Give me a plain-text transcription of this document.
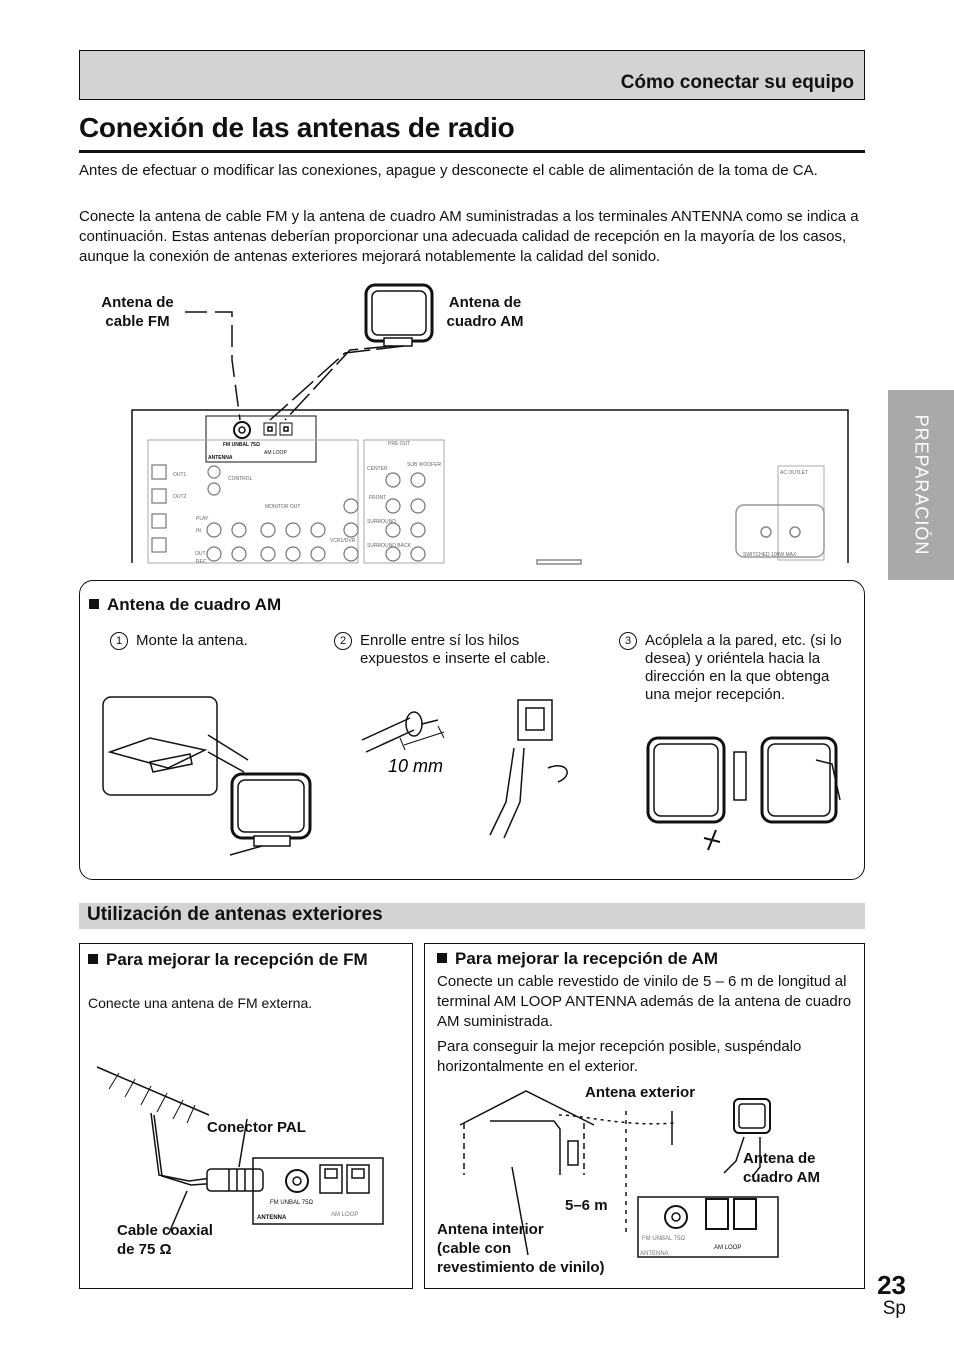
Cómo conectar su equipo
Conexión de las antenas de radio
Antes de efectuar o modificar las conexiones, apague y desconecte el cable de alimentación de la toma de CA.
Conecte la antena de cable FM y la antena de cuadro AM suministradas a los terminales ANTENNA como se indica a continuación. Estas antenas deberían proporcionar una adecuada calidad de recepción en la mayoría de los casos, aunque la conexión de antenas exteriores mejorará notablemente la calidad del sonido.
PREPARACIÓN
Antena de
cable FM
Antena de
cuadro AM
FM UNBAL 75Ω
AM LOOP
ANTENNA
PRE OUT
AC OUTLET
SWITCHED 100W MAX
CENTER
SUB WOOFER
FRONT
SURROUND
SURROUND BACK
CONTROL
MONITOR OUT
VCR1/DVR
OUT1
OUT2
IN
OUT
PLAY
REC
Antena de cuadro AM
1 Monte la antena.	2 Enrolle entre sí los hilos expuestos e inserte el cable.
3 Acóplela a la pared, etc. (si lo desea) y oriéntela hacia la dirección en la que obtenga una mejor recepción.
10 mm
Utilización de antenas exteriores
Para mejorar la recepción de FM
Conecte una antena de FM externa.
Conector PAL
Cable coaxial
de 75 Ω
FM UNBAL 75Ω
AM LOOP
ANTENNA
Para mejorar la recepción de AM
Conecte un cable revestido de vinilo de 5 – 6 m de longitud al terminal AM LOOP ANTENNA además de la antena de cuadro AM suministrada.
Para conseguir la mejor recepción posible, suspéndalo horizontalmente en el exterior.
Antena exterior
Antena de
cuadro AM
5–6 m
Antena interior
(cable con
revestimiento de vinilo)
FM UNBAL 75Ω
AM LOOP
ANTENNA
23
Sp
